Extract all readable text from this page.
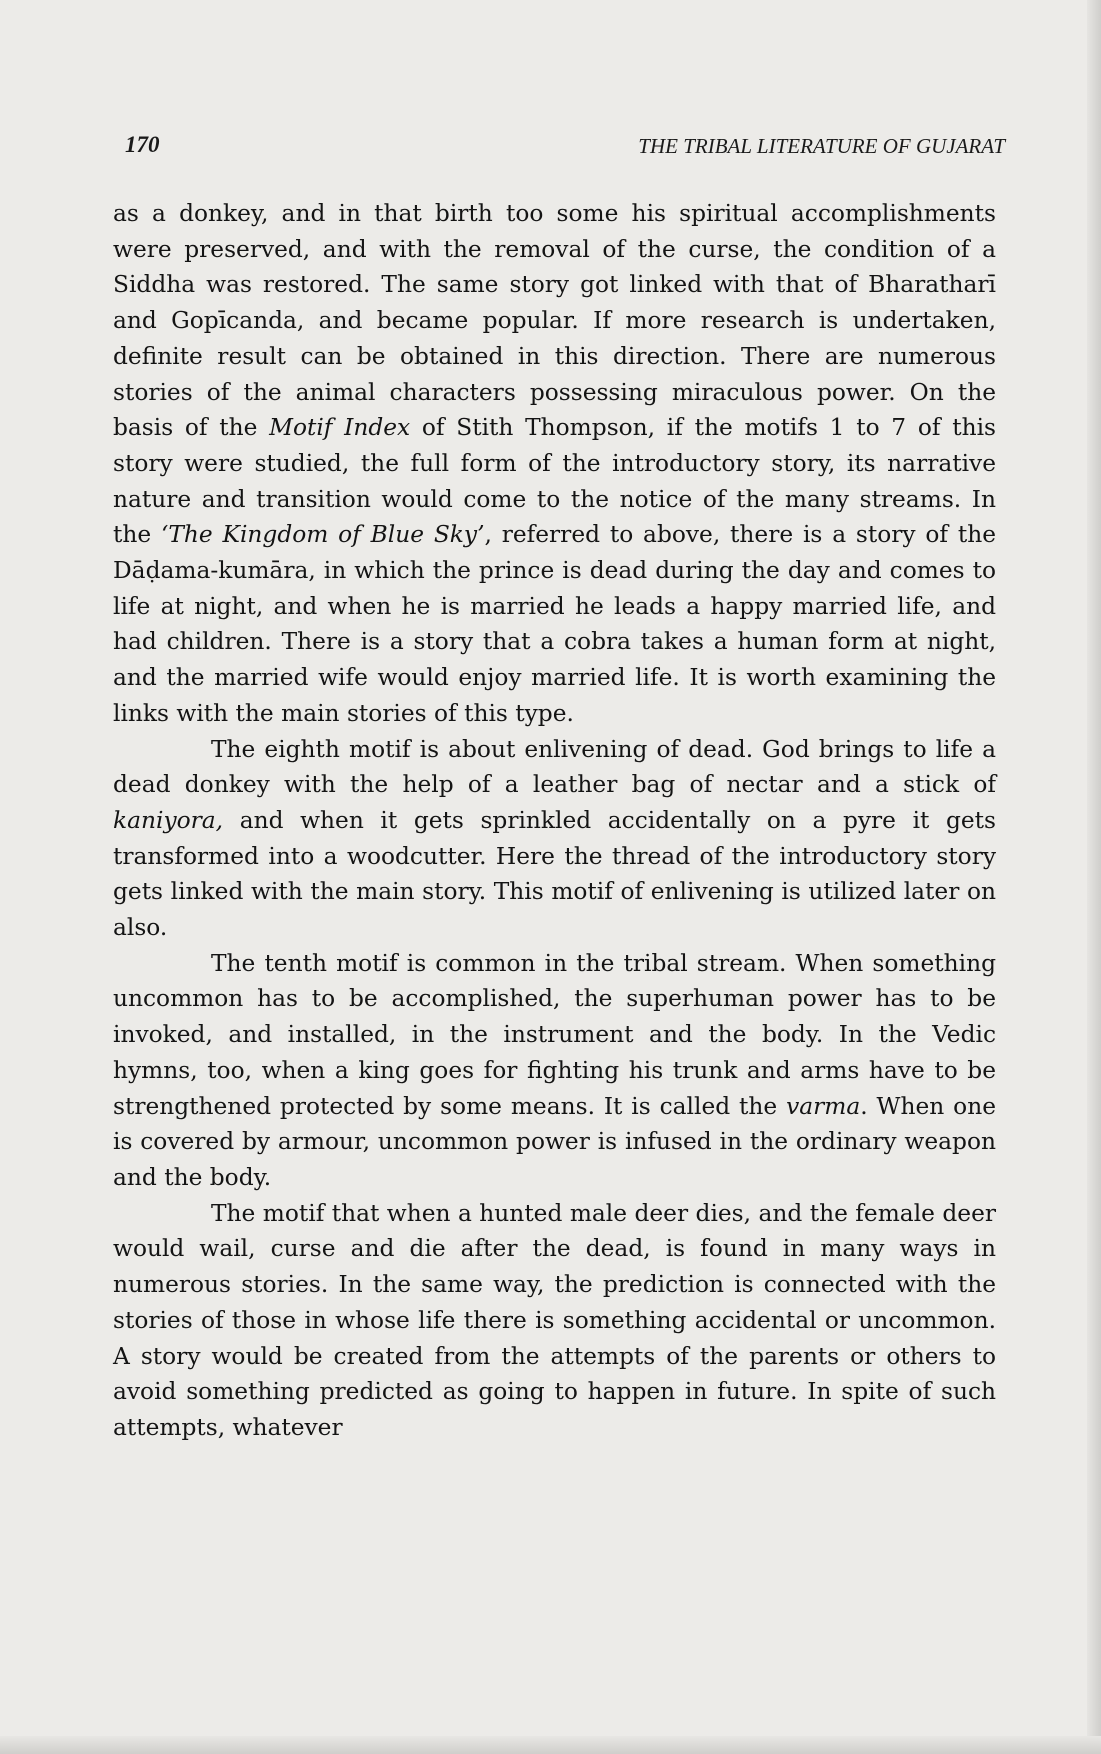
170	THE TRIBAL LITERATURE OF GUJARAT

as a donkey, and in that birth too some his spiritual accomplishments were preserved, and with the removal of the curse, the condition of a Siddha was restored. The same story got linked with that of Bharatharī and Gopīcanda, and became popular. If more research is undertaken, definite result can be obtained in this direction. There are numerous stories of the animal characters possessing miraculous power. On the basis of the Motif Index of Stith Thompson, if the motifs 1 to 7 of this story were studied, the full form of the introductory story, its narrative nature and transition would come to the notice of the many streams. In the ‘The Kingdom of Blue Sky’, referred to above, there is a story of the Dāḍama-kumāra, in which the prince is dead during the day and comes to life at night, and when he is married he leads a happy married life, and had children. There is a story that a cobra takes a human form at night, and the married wife would enjoy married life. It is worth examining the links with the main stories of this type.

The eighth motif is about enlivening of dead. God brings to life a dead donkey with the help of a leather bag of nectar and a stick of kaniyora, and when it gets sprinkled accidentally on a pyre it gets transformed into a woodcutter. Here the thread of the introductory story gets linked with the main story. This motif of enlivening is utilized later on also.

The tenth motif is common in the tribal stream. When something uncommon has to be accomplished, the superhuman power has to be invoked, and installed, in the instrument and the body. In the Vedic hymns, too, when a king goes for fighting his trunk and arms have to be strengthened protected by some means. It is called the varma. When one is covered by armour, uncommon power is infused in the ordinary weapon and the body.

The motif that when a hunted male deer dies, and the female deer would wail, curse and die after the dead, is found in many ways in numerous stories. In the same way, the prediction is connected with the stories of those in whose life there is something accidental or uncommon. A story would be created from the attempts of the parents or others to avoid something predicted as going to happen in future. In spite of such attempts, whatever
